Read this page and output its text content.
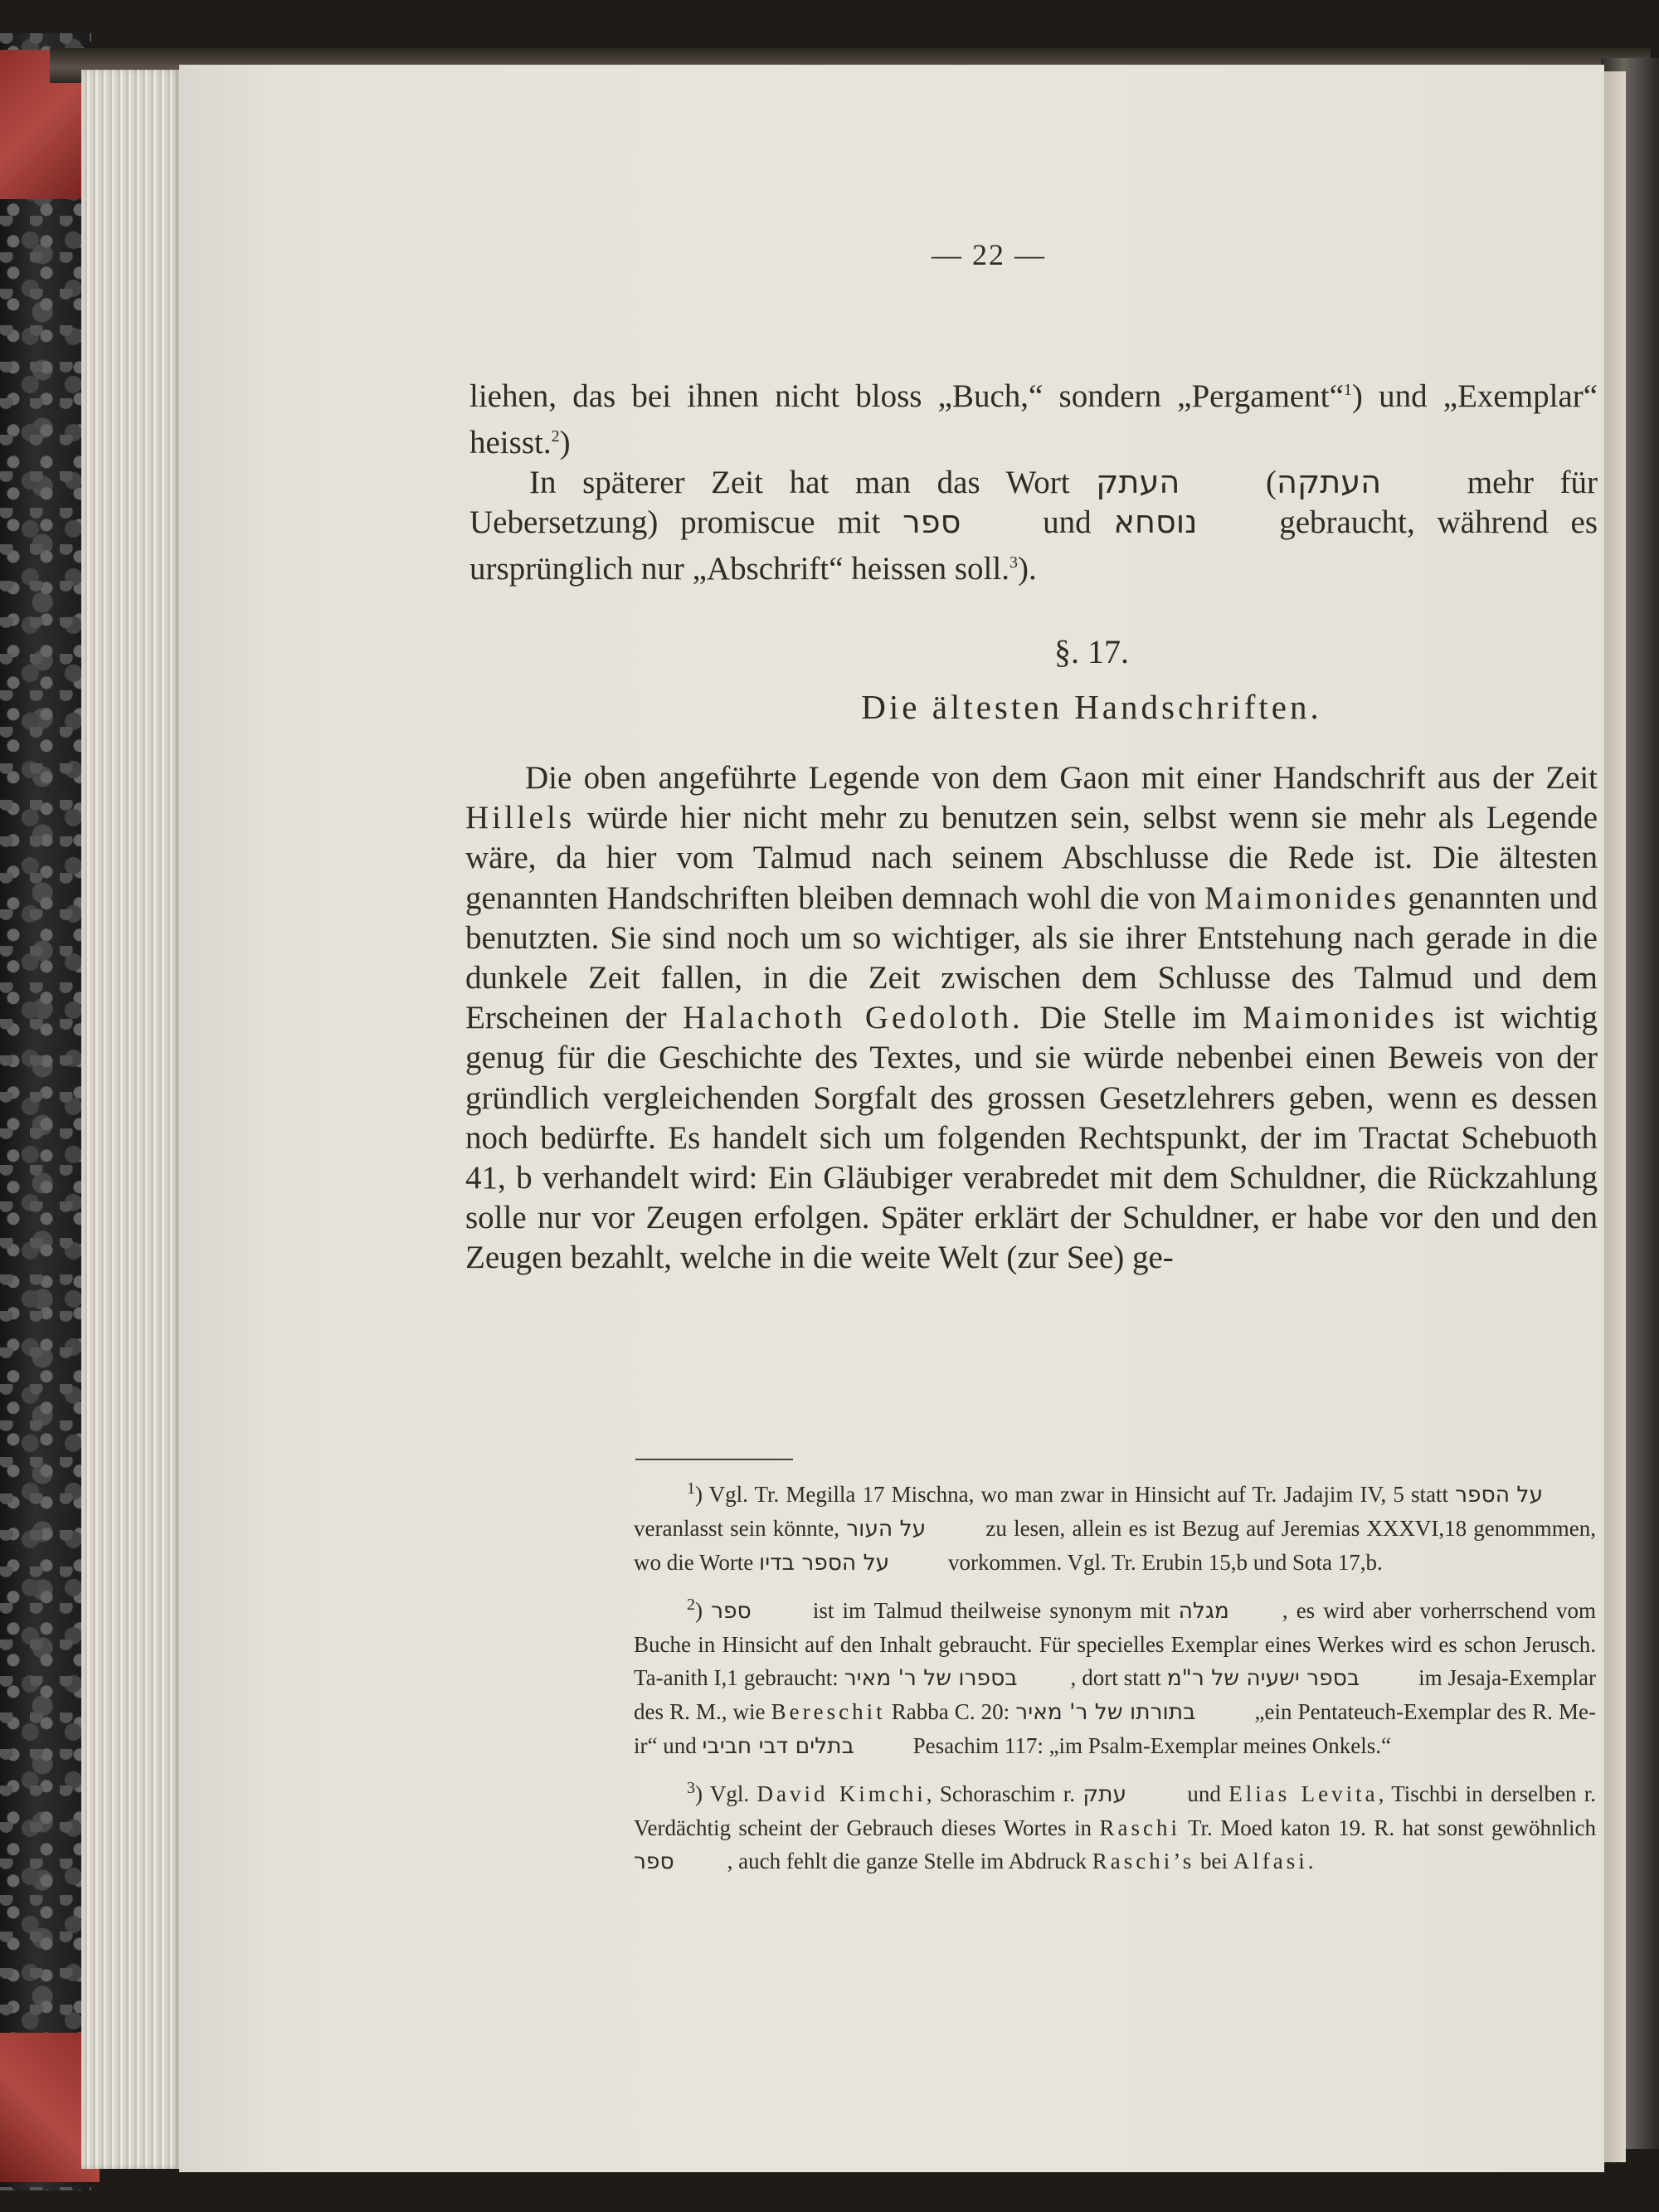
— 22 —

liehen, das bei ihnen nicht bloss „Buch,“ sondern „Pergament“$^1$) und „Exemplar“ heisst.$^2$)

In späterer Zeit hat man das Wort העתק	(העתקה	mehr für Uebersetzung) promiscue mit ספר	und נוסחא	gebraucht, während es ursprünglich nur „Abschrift“ heissen soll.$^3$).

§. 17.
Die ältesten Handschriften.

Die oben angeführte Legende von dem Gaon mit einer Handschrift aus der Zeit Hillels würde hier nicht mehr zu benutzen sein, selbst wenn sie mehr als Legende wäre, da hier vom Talmud nach seinem Abschlusse die Rede ist. Die ältesten genannten Handschriften bleiben demnach wohl die von Maimonides genannten und benutzten. Sie sind noch um so wichtiger, als sie ihrer Entstehung nach gerade in die dunkele Zeit fallen, in die Zeit zwischen dem Schlusse des Talmud und dem Erscheinen der Halachoth Gedoloth. Die Stelle im Maimonides ist wichtig genug für die Geschichte des Textes, und sie würde nebenbei einen Beweis von der gründlich vergleichenden Sorgfalt des grossen Gesetzlehrers geben, wenn es dessen noch bedürfte. Es handelt sich um folgenden Rechtspunkt, der im Tractat Schebuoth 41, b verhandelt wird: Ein Gläubiger verabredet mit dem Schuldner, die Rückzahlung solle nur vor Zeugen erfolgen. Später erklärt der Schuldner, er habe vor den und den Zeugen bezahlt, welche in die weite Welt (zur See) ge-

$^1$) Vgl. Tr. Megilla 17 Mischna, wo man zwar in Hinsicht auf Tr. Jadajim IV, 5 statt על הספר veranlasst sein könnte, על העור	zu lesen, allein es ist Bezug auf Jeremias XXXVI,18 genommmen, wo die Worte על הספר בדיו	vorkommen. Vgl. Tr. Erubin 15,b und Sota 17,b.

$^2$) ספר	ist im Talmud theilweise synonym mit מגלה , es wird aber vorherrschend vom Buche in Hinsicht auf den Inhalt gebraucht. Für specielles Exemplar eines Werkes wird es schon Jerusch. Ta-anith I,1 gebraucht: בספרו של ר' מאיר , dort statt בספר ישעיה של ר"מ	im Jesaja-Exemplar des R. M., wie Bereschit Rabba C. 20: בתורתו של ר' מאיר	„ein Pentateuch-Exemplar des R. Me-ir“ und בתלים דבי חביבי	Pesachim 117: „im Psalm-Exemplar meines Onkels.“

$^3$) Vgl. David Kimchi, Schoraschim r. עתק	und Elias Levita, Tischbi in derselben r. Verdächtig scheint der Gebrauch dieses Wortes in Raschi Tr. Moed katon 19. R. hat sonst gewöhnlich ספר , auch fehlt die ganze Stelle im Abdruck Raschi’s bei Alfasi.
